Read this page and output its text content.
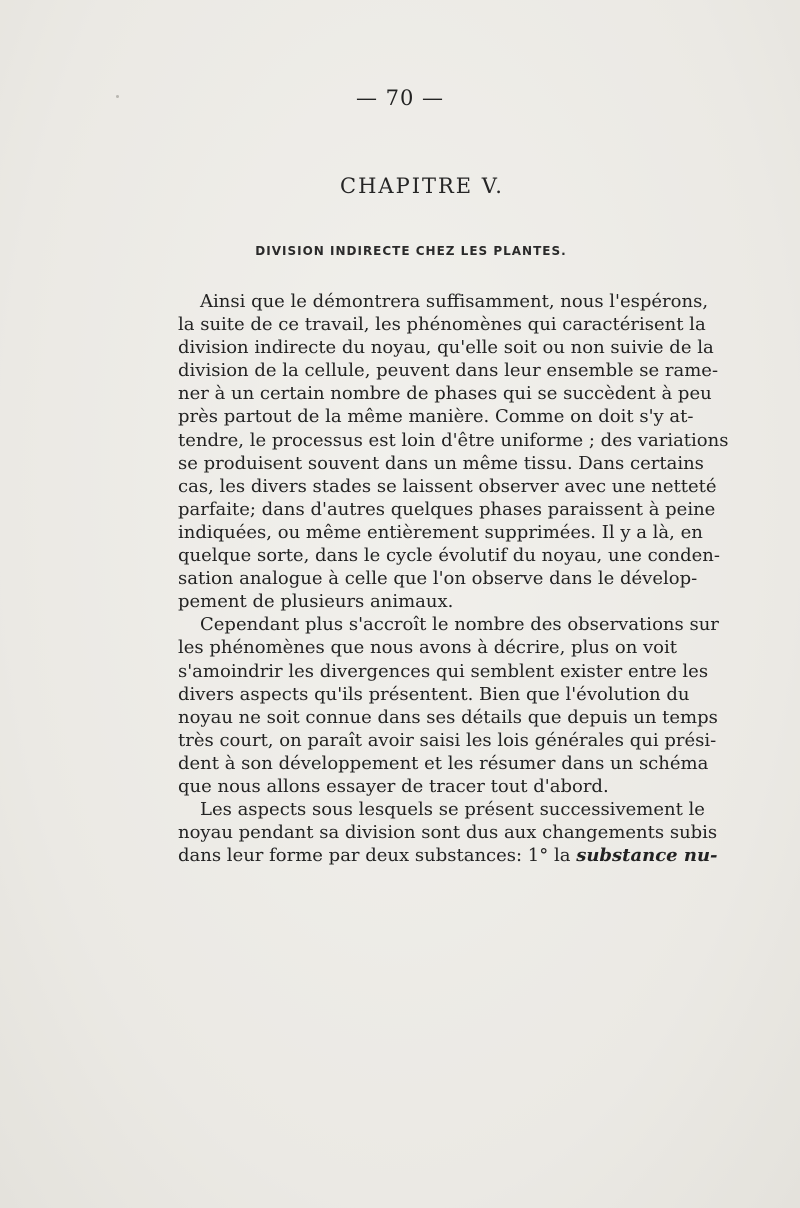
— 70 —
CHAPITRE V.
DIVISION INDIRECTE CHEZ LES PLANTES.
Ainsi que le démontrera suffisamment, nous l'espérons,
la suite de ce travail, les phénomènes qui caractérisent la
division indirecte du noyau, qu'elle soit ou non suivie de la
division de la cellule, peuvent dans leur ensemble se rame-
ner à un certain nombre de phases qui se succèdent à peu
près partout de la même manière. Comme on doit s'y at-
tendre, le processus est loin d'être uniforme ; des variations
se produisent souvent dans un même tissu. Dans certains
cas, les divers stades se laissent observer avec une netteté
parfaite; dans d'autres quelques phases paraissent à peine
indiquées, ou même entièrement supprimées. Il y a là, en
quelque sorte, dans le cycle évolutif du noyau, une conden-
sation analogue à celle que l'on observe dans le dévelop-
pement de plusieurs animaux.
Cependant plus s'accroît le nombre des observations sur
les phénomènes que nous avons à décrire, plus on voit
s'amoindrir les divergences qui semblent exister entre les
divers aspects qu'ils présentent. Bien que l'évolution du
noyau ne soit connue dans ses détails que depuis un temps
très court, on paraît avoir saisi les lois générales qui prési-
dent à son développement et les résumer dans un schéma
que nous allons essayer de tracer tout d'abord.
Les aspects sous lesquels se présent successivement le
noyau pendant sa division sont dus aux changements subis
dans leur forme par deux substances: 1° la substance nu-
